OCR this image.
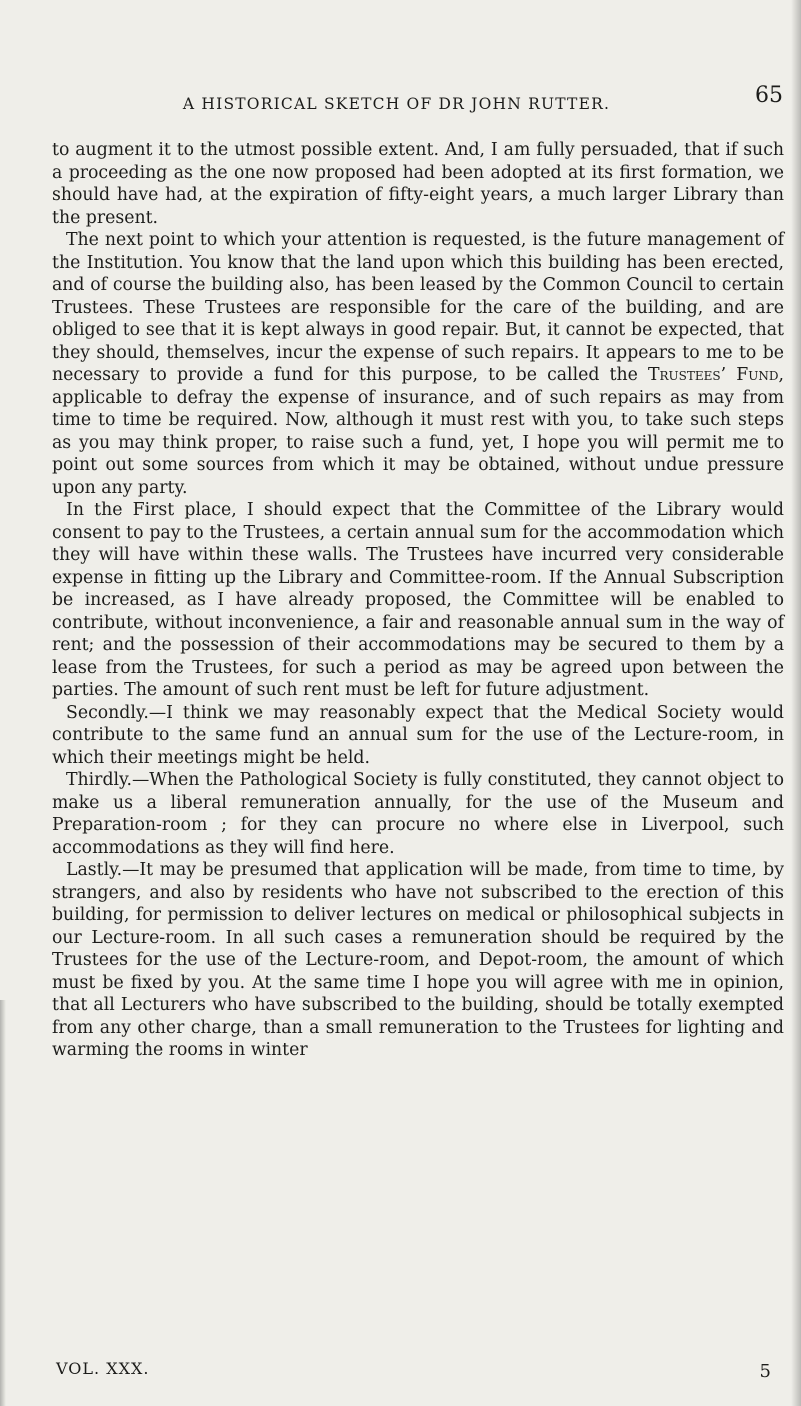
A HISTORICAL SKETCH OF DR JOHN RUTTER.	65

to augment it to the utmost possible extent. And, I am fully persuaded, that if such a proceeding as the one now proposed had been adopted at its first formation, we should have had, at the expiration of fifty-eight years, a much larger Library than the present.

The next point to which your attention is requested, is the future management of the Institution. You know that the land upon which this building has been erected, and of course the building also, has been leased by the Common Council to certain Trustees. These Trustees are responsible for the care of the building, and are obliged to see that it is kept always in good repair. But, it cannot be expected, that they should, themselves, incur the expense of such repairs. It appears to me to be necessary to provide a fund for this purpose, to be called the Trustees’ Fund, applicable to defray the expense of insurance, and of such repairs as may from time to time be required. Now, although it must rest with you, to take such steps as you may think proper, to raise such a fund, yet, I hope you will permit me to point out some sources from which it may be obtained, without undue pressure upon any party.

In the First place, I should expect that the Committee of the Library would consent to pay to the Trustees, a certain annual sum for the accommodation which they will have within these walls. The Trustees have incurred very considerable expense in fitting up the Library and Committee-room. If the Annual Subscription be increased, as I have already proposed, the Committee will be enabled to contribute, without inconvenience, a fair and reasonable annual sum in the way of rent; and the possession of their accommodations may be secured to them by a lease from the Trustees, for such a period as may be agreed upon between the parties. The amount of such rent must be left for future adjustment.

Secondly.—I think we may reasonably expect that the Medical Society would contribute to the same fund an annual sum for the use of the Lecture-room, in which their meetings might be held.

Thirdly.—When the Pathological Society is fully constituted, they cannot object to make us a liberal remuneration annually, for the use of the Museum and Preparation-room ; for they can procure no where else in Liverpool, such accommodations as they will find here.

Lastly.—It may be presumed that application will be made, from time to time, by strangers, and also by residents who have not subscribed to the erection of this building, for permission to deliver lectures on medical or philosophical subjects in our Lecture-room. In all such cases a remuneration should be required by the Trustees for the use of the Lecture-room, and Depot-room, the amount of which must be fixed by you. At the same time I hope you will agree with me in opinion, that all Lecturers who have subscribed to the building, should be totally exempted from any other charge, than a small remuneration to the Trustees for lighting and warming the rooms in winter

VOL. XXX.	5
